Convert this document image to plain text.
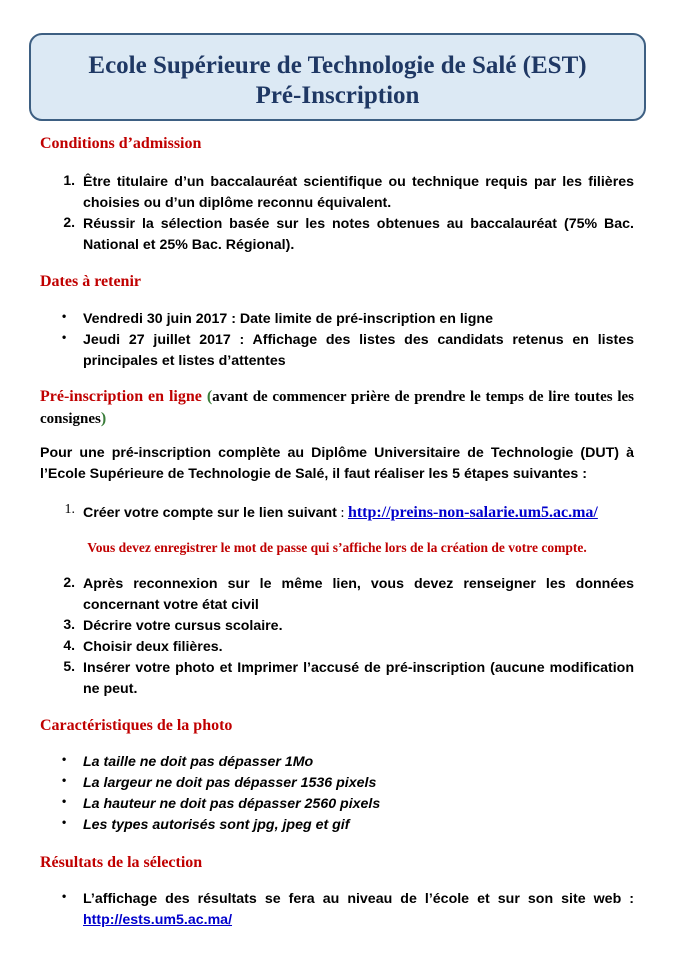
Ecole Supérieure de Technologie de Salé (EST)
Pré-Inscription
Conditions d’admission
1. Être titulaire d’un baccalauréat scientifique ou technique requis par les filières choisies ou d’un diplôme reconnu équivalent.
2. Réussir la sélection basée sur les notes obtenues au baccalauréat (75% Bac. National et 25% Bac. Régional).
Dates à retenir
• Vendredi 30 juin 2017 : Date limite de pré-inscription en ligne
• Jeudi 27 juillet 2017 : Affichage des listes des candidats retenus en listes principales et listes d’attentes
Pré-inscription en ligne (avant de commencer prière de prendre le temps de lire toutes les consignes)
Pour une pré-inscription complète au Diplôme Universitaire de Technologie (DUT) à l’Ecole Supérieure de Technologie de Salé, il faut réaliser les 5 étapes suivantes :
1. Créer votre compte sur le lien suivant : http://preins-non-salarie.um5.ac.ma/
Vous devez enregistrer le mot de passe qui s’affiche lors de la création de votre compte.
2. Après reconnexion sur le même lien, vous devez renseigner les données concernant votre état civil
3. Décrire votre cursus scolaire.
4. Choisir deux filières.
5. Insérer votre photo et Imprimer l’accusé de pré-inscription (aucune modification ne peut.
Caractéristiques de la photo
• La taille ne doit pas dépasser 1Mo
• La largeur ne doit pas dépasser 1536 pixels
• La hauteur ne doit pas dépasser 2560 pixels
• Les types autorisés sont jpg, jpeg et gif
Résultats de la sélection
• L’affichage des résultats se fera au niveau de l’école et sur son site web : http://ests.um5.ac.ma/
